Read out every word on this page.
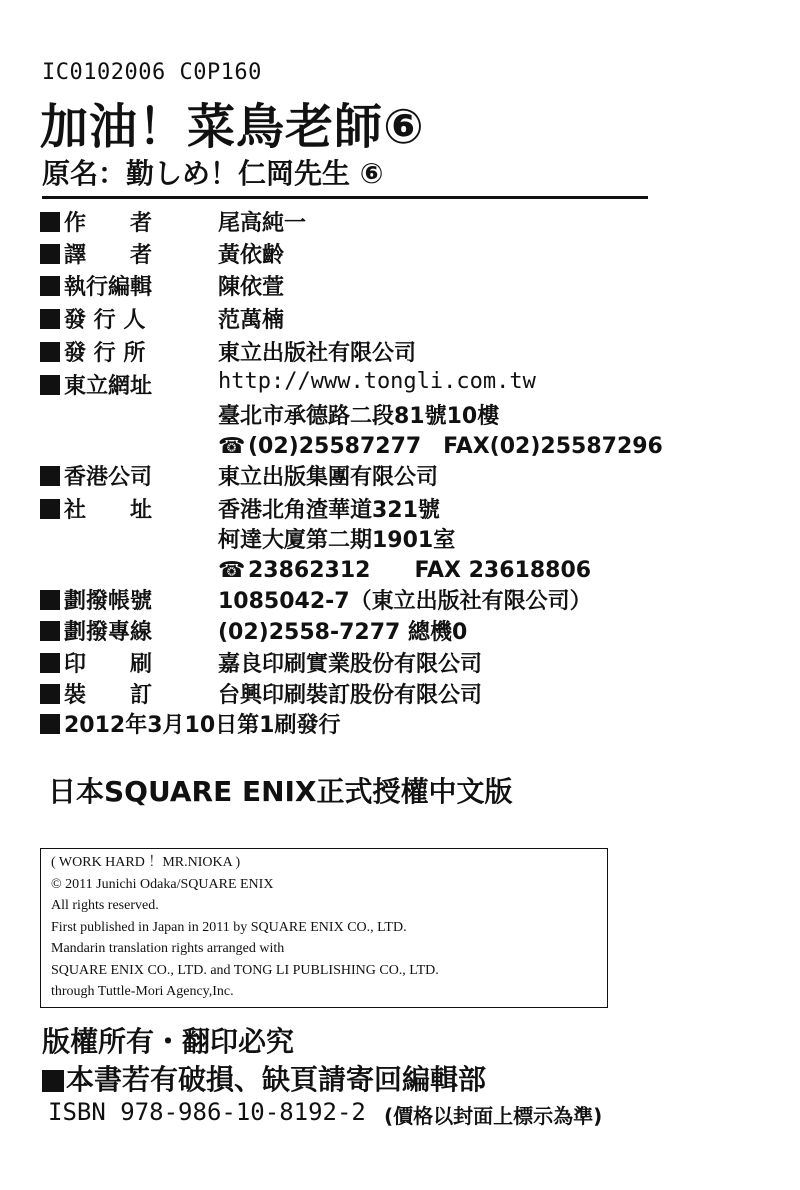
IC0102006 C0P160
加油！菜鳥老師⑥
原名：勤しめ！仁岡先生 ⑥
作　　者	尾高純一
譯　　者	黃依齡
執行編輯	陳依萱
發 行 人	范萬楠
發 行 所	東立出版社有限公司
東立網址	http://www.tongli.com.tw
臺北市承德路二段81號10樓
☎ (02)25587277　FAX(02)25587296
香港公司	東立出版集團有限公司
社　　址	香港北角渣華道321號
柯達大廈第二期1901室
☎ 23862312　　FAX 23618806
劃撥帳號	1085042-7（東立出版社有限公司）
劃撥專線	(02)2558-7277 總機0
印　　刷	嘉良印刷實業股份有限公司
裝　　訂	台興印刷裝訂股份有限公司
2012年3月10日第1刷發行
日本SQUARE ENIX正式授權中文版
( WORK HARD ！MR.NIOKA )
© 2011 Junichi Odaka/SQUARE ENIX
All rights reserved.
First published in Japan in 2011 by SQUARE ENIX CO., LTD.
Mandarin translation rights arranged with
SQUARE ENIX CO., LTD. and TONG LI PUBLISHING CO., LTD.
through Tuttle-Mori Agency,Inc.
版權所有・翻印必究
本書若有破損、缺頁請寄回編輯部
ISBN 978-986-10-8192-2 (價格以封面上標示為準)
